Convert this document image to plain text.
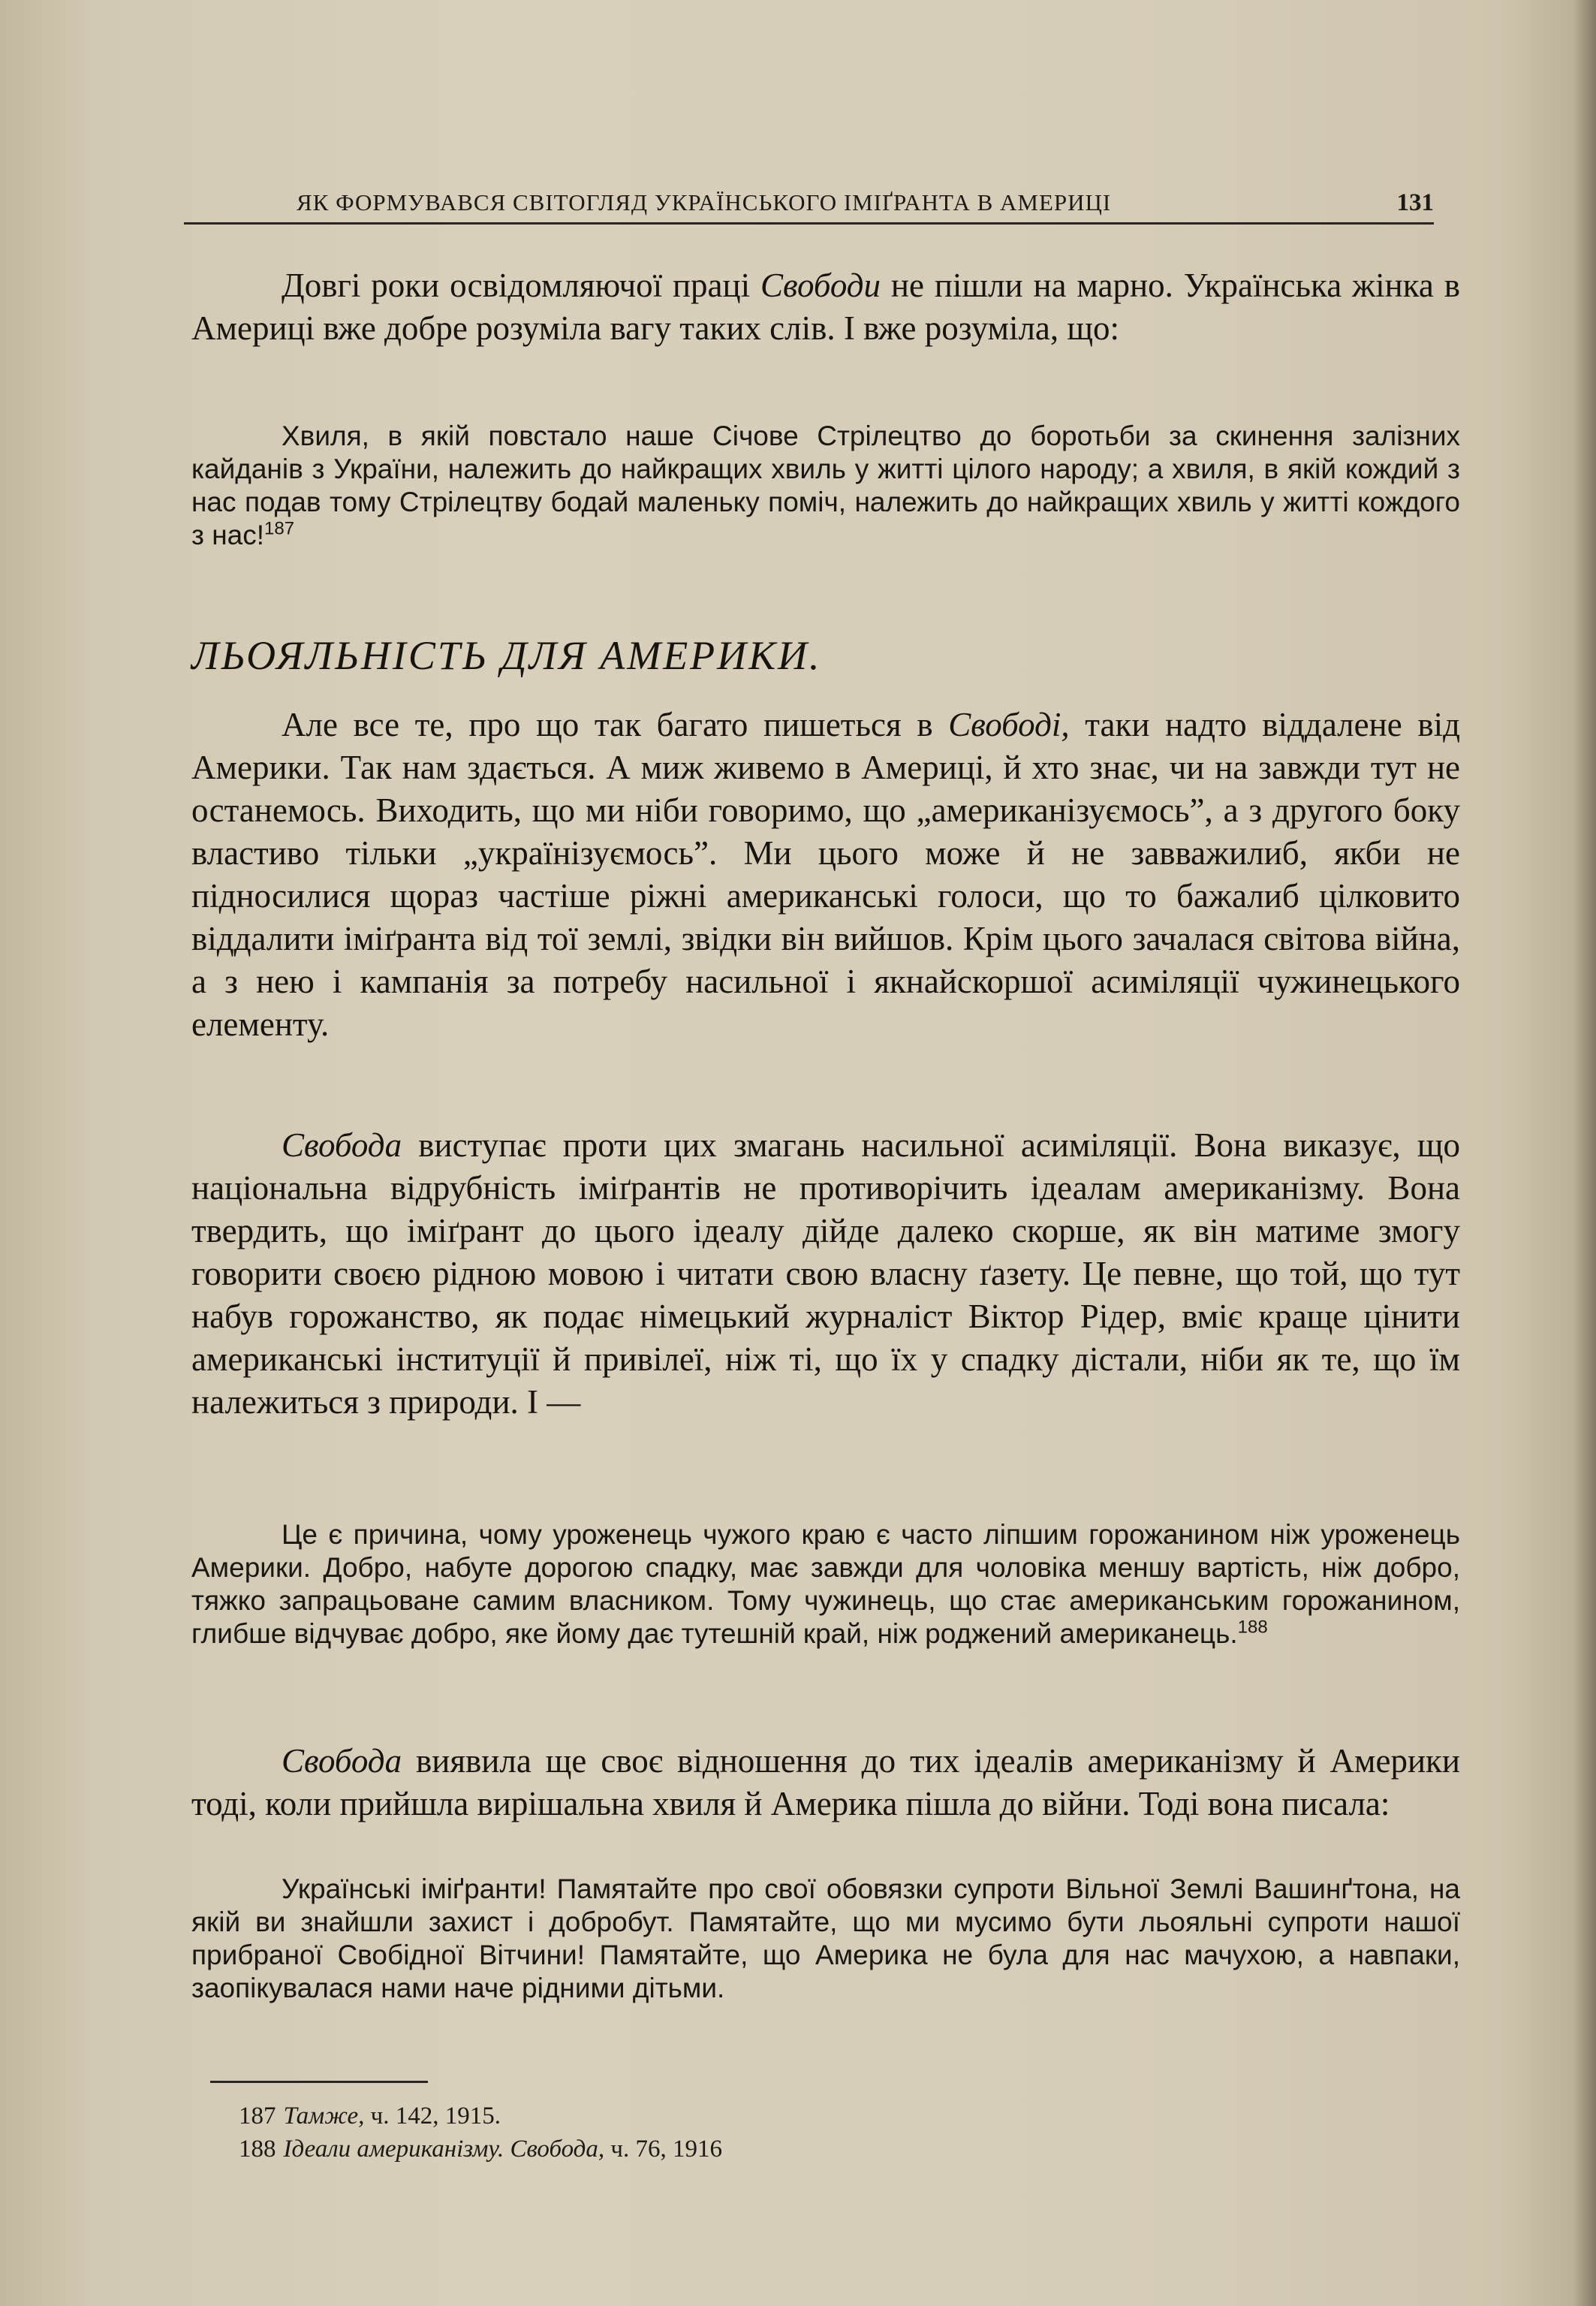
ЯК ФОРМУВАВСЯ СВІТОГЛЯД УКРАЇНСЬКОГО ІМІҐРАНТА В АМЕРИЦІ	131
Довгі роки освідомляючої праці Свободи не пішли на марно. Українська жінка в Америці вже добре розуміла вагу таких слів. І вже розуміла, що:
Хвиля, в якій повстало наше Січове Стрілецтво до боротьби за скинення залізних кайданів з України, належить до найкращих хвиль у житті цілого народу; а хвиля, в якій кождий з нас подав тому Стрілецтву бодай маленьку поміч, належить до найкращих хвиль у житті кождого з нас!$^{187}$
ЛЬОЯЛЬНІСТЬ ДЛЯ АМЕРИКИ.
Але все те, про що так багато пишеться в Свободі, таки надто віддалене від Америки. Так нам здається. А миж живемо в Америці, й хто знає, чи на завжди тут не останемось. Виходить, що ми ніби говоримо, що „американізуємось”, а з другого боку властиво тільки „українізуємось”. Ми цього може й не завважилиб, якби не підносилися щораз частіше ріжні американські голоси, що то бажалиб цілковито віддалити іміґранта від тої землі, звідки він вийшов. Крім цього зачалася світова війна, а з нею і кампанія за потребу насильної і якнайскоршої асиміляції чужинецького елементу.
Свобода виступає проти цих змагань насильної асиміляції. Вона виказує, що національна відрубність іміґрантів не противорічить ідеалам американізму. Вона твердить, що іміґрант до цього ідеалу дійде далеко скорше, як він матиме змогу говорити своєю рідною мовою і читати свою власну ґазету. Це певне, що той, що тут набув горожанство, як подає німецький журналіст Віктор Рідер, вміє краще цінити американські інституції й привілеї, ніж ті, що їх у спадку дістали, ніби як те, що їм належиться з природи. І —
Це є причина, чому уроженець чужого краю є часто ліпшим горожанином ніж уроженець Америки. Добро, набуте дорогою спадку, має завжди для чоловіка меншу вартість, ніж добро, тяжко запрацьоване самим власником. Тому чужинець, що стає американським горожанином, глибше відчуває добро, яке йому дає тутешній край, ніж роджений американець.$^{188}$
Свобода виявила ще своє відношення до тих ідеалів американізму й Америки тоді, коли прийшла вирішальна хвиля й Америка пішла до війни. Тоді вона писала:
Українські іміґранти! Памятайте про свої обовязки супроти Вільної Землі Вашинґтона, на якій ви знайшли захист і добробут. Памятайте, що ми мусимо бути льояльні супроти нашої прибраної Свобідної Вітчини! Памятайте, що Америка не була для нас мачухою, а навпаки, заопікувалася нами наче рідними дітьми.
187 Тамже, ч. 142, 1915.
188 Ідеали американізму. Свобода, ч. 76, 1916
